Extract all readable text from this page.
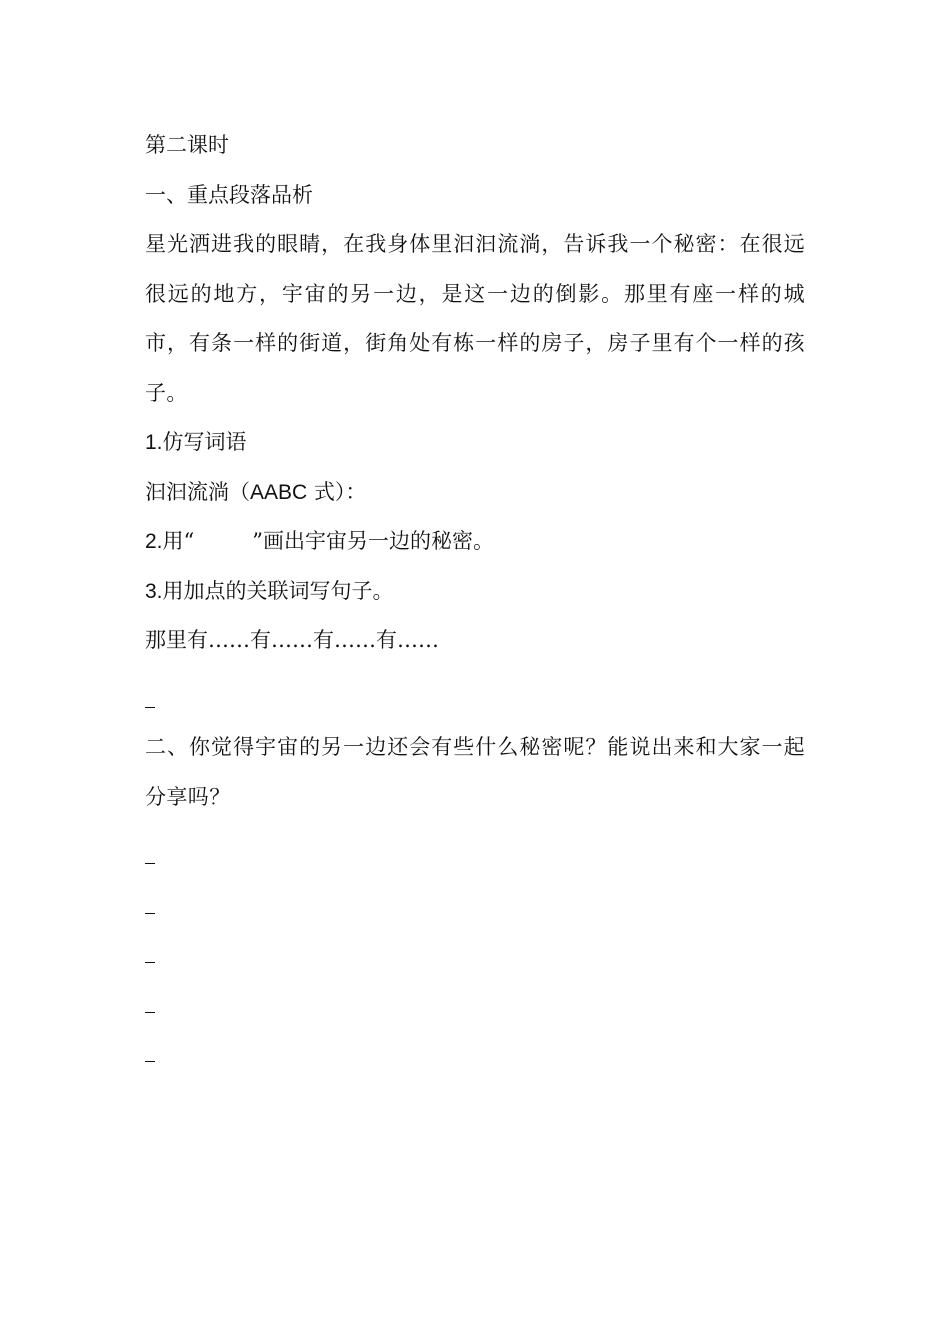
第二课时
一、重点段落品析
星光洒进我的眼睛，在我身体里汩汩流淌，告诉我一个秘密：在很远很远的地方，宇宙的另一边，是这一边的倒影。那里有座一样的城市，有条一样的街道，街角处有栋一样的房子，房子里有个一样的孩子。
1.仿写词语
汩汩流淌（AABC 式）：
2.用“	”画出宇宙另一边的秘密。
3.用加点的关联词写句子。
那里有……有……有……有……
二、你觉得宇宙的另一边还会有些什么秘密呢？能说出来和大家一起分享吗？
